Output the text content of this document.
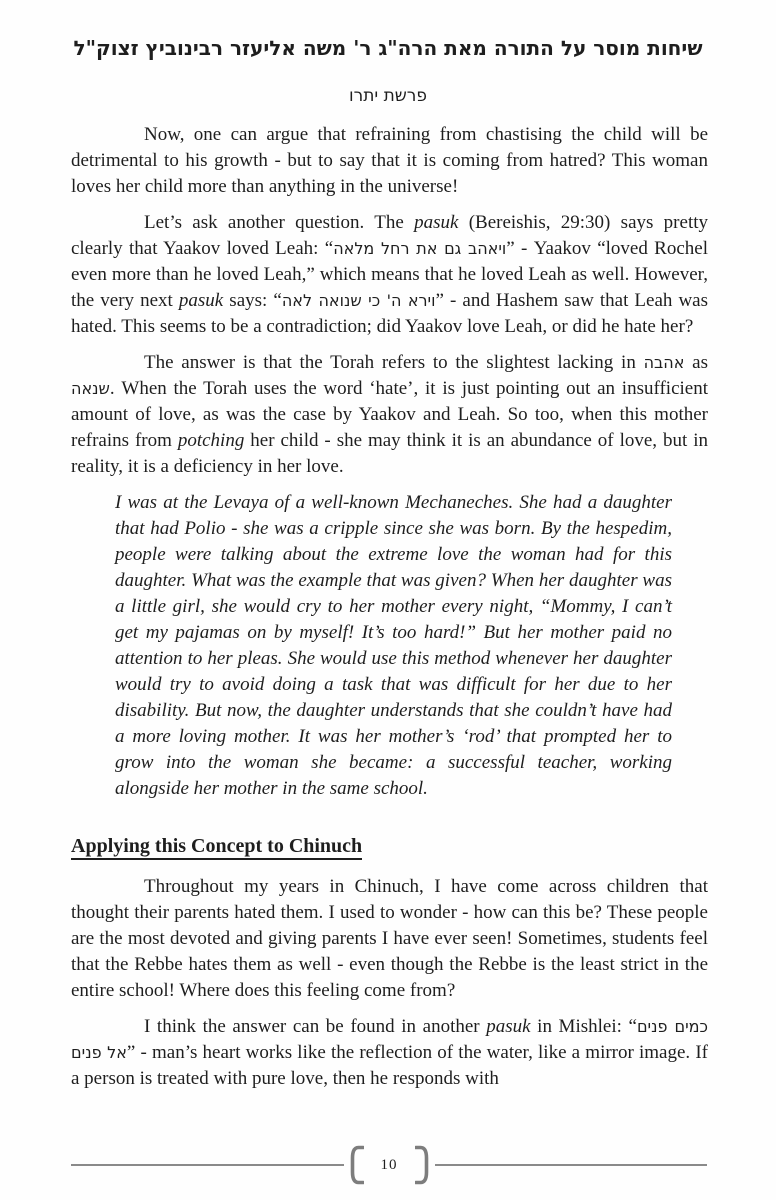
שיחות מוסר על התורה מאת הרה"ג ר' משה אליעזר רבינוביץ זצוק"ל
פרשת יתרו

Now, one can argue that refraining from chastising the child will be detrimental to his growth - but to say that it is coming from hatred? This woman loves her child more than anything in the universe!

Let’s ask another question. The pasuk (Bereishis, 29:30) says pretty clearly that Yaakov loved Leah: “ויאהב גם את רחל מלאה” - Yaakov “loved Rochel even more than he loved Leah,” which means that he loved Leah as well. However, the very next pasuk says: “וירא ה' כי שנואה לאה” - and Hashem saw that Leah was hated. This seems to be a contradiction; did Yaakov love Leah, or did he hate her?

The answer is that the Torah refers to the slightest lacking in אהבה as שנאה. When the Torah uses the word ‘hate’, it is just pointing out an insufficient amount of love, as was the case by Yaakov and Leah. So too, when this mother refrains from potching her child - she may think it is an abundance of love, but in reality, it is a deficiency in her love.

I was at the Levaya of a well-known Mechaneches. She had a daughter that had Polio - she was a cripple since she was born. By the hespedim, people were talking about the extreme love the woman had for this daughter. What was the example that was given? When her daughter was a little girl, she would cry to her mother every night, “Mommy, I can’t get my pajamas on by myself! It’s too hard!” But her mother paid no attention to her pleas. She would use this method whenever her daughter would try to avoid doing a task that was difficult for her due to her disability. But now, the daughter understands that she couldn’t have had a more loving mother. It was her mother’s ‘rod’ that prompted her to grow into the woman she became: a successful teacher, working alongside her mother in the same school.
Applying this Concept to Chinuch

Throughout my years in Chinuch, I have come across children that thought their parents hated them. I used to wonder - how can this be? These people are the most devoted and giving parents I have ever seen! Sometimes, students feel that the Rebbe hates them as well - even though the Rebbe is the least strict in the entire school! Where does this feeling come from?

I think the answer can be found in another pasuk in Mishlei: “כמים פנים אל פנים” - man’s heart works like the reflection of the water, like a mirror image. If a person is treated with pure love, then he responds with

10
